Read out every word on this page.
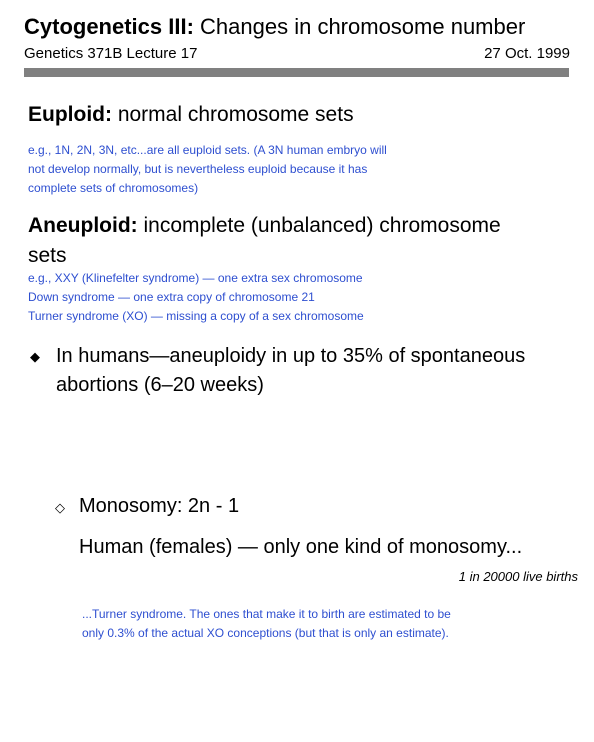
Cytogenetics III: Changes in chromosome number
Genetics 371B Lecture 17	27 Oct. 1999
Euploid: normal chromosome sets
e.g., 1N, 2N, 3N, etc...are all euploid sets. (A 3N human embryo will
not develop normally, but is nevertheless euploid because it has
complete sets of chromosomes)
Aneuploid: incomplete (unbalanced) chromosome
sets
e.g., XXY (Klinefelter syndrome) — one extra sex chromosome
Down syndrome — one extra copy of chromosome 21
Turner syndrome (XO) — missing a copy of a sex chromosome
◆ In humans—aneuploidy in up to 35% of spontaneous
abortions (6–20 weeks)
◇ Monosomy: 2n - 1
Human (females) — only one kind of monosomy...
1 in 20000 live births
...Turner syndrome. The ones that make it to birth are estimated to be
only 0.3% of the actual XO conceptions (but that is only an estimate).
